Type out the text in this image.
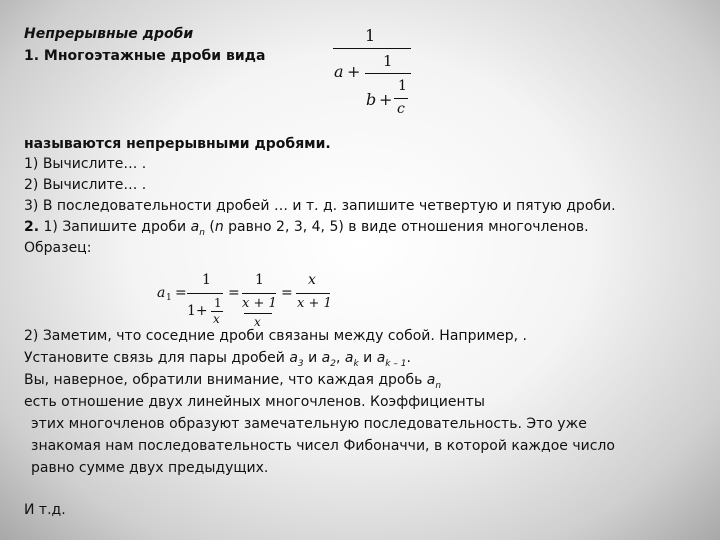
Непрерывные дроби
1. Многоэтажные дроби вида
1
a +
1
b +
1
c
называются непрерывными дробями.
1) Вычислите… .
2) Вычислите… .
3) В последовательности дробей … и т. д. запишите четвертую и пятую дроби.
2. 1) Запишите дроби $a_n$ (n равно 2, 3, 4, 5) в виде отношения многочленов.
Образец:
a 1 =
1
1+ 1
x
=
1
x + 1
x
=
x
x + 1
2) Заметим, что соседние дроби связаны между собой. Например, .
Установите связь для пары дробей $a_3$ и $a_2$, $a_k$ и $a_{k - 1}$.
Вы, наверное, обратили внимание, что каждая дробь $a_n$
есть отношение двух линейных многочленов. Коэффициенты
этих многочленов образуют замечательную последовательность. Это уже
знакомая нам последовательность чисел Фибоначчи, в которой каждое число
равно сумме двух предыдущих.
И т.д.
